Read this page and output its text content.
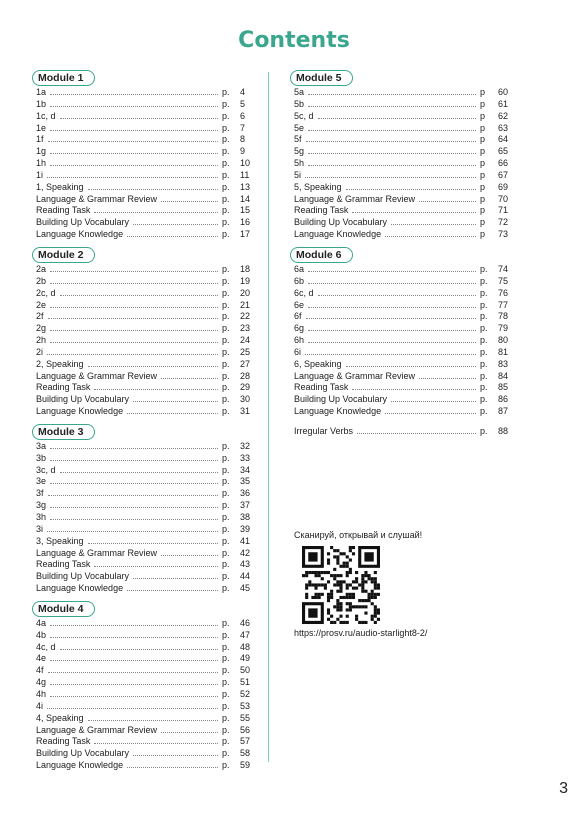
Contents
Module 1
1a	p.	4
1b	p.	5
1c, d	p.	6
1e	p.	7
1f	p.	8
1g	p.	9
1h	p.	10
1i	p.	11
1, Speaking	p.	13
Language & Grammar Review	p.	14
Reading Task	p.	15
Building Up Vocabulary	p.	16
Language Knowledge	p.	17
Module 2
2a	p.	18
2b	p.	19
2c, d	p.	20
2e	p.	21
2f	p.	22
2g	p.	23
2h	p.	24
2i	p.	25
2, Speaking	p.	27
Language & Grammar Review	p.	28
Reading Task	p.	29
Building Up Vocabulary	p.	30
Language Knowledge	p.	31
Module 3
3a	p.	32
3b	p.	33
3c, d	p.	34
3e	p.	35
3f	p.	36
3g	p.	37
3h	p.	38
3i	p.	39
3, Speaking	p.	41
Language & Grammar Review	p.	42
Reading Task	p.	43
Building Up Vocabulary	p.	44
Language Knowledge	p.	45
Module 4
4a	p.	46
4b	p.	47
4c, d	p.	48
4e	p.	49
4f	p.	50
4g	p.	51
4h	p.	52
4i	p.	53
4, Speaking	p.	55
Language & Grammar Review	p.	56
Reading Task	p.	57
Building Up Vocabulary	p.	58
Language Knowledge	p.	59
Module 5
5a	p	60
5b	p	61
5c, d	p	62
5e	p	63
5f	p	64
5g	p	65
5h	p	66
5i	p	67
5, Speaking	p	69
Language & Grammar Review	p	70
Reading Task	p	71
Building Up Vocabulary	p	72
Language Knowledge	p	73
Module 6
6a	p.	74
6b	p.	75
6c, d	p.	76
6e	p.	77
6f	p.	78
6g	p.	79
6h	p.	80
6i	p.	81
6, Speaking	p.	83
Language & Grammar Review	p.	84
Reading Task	p.	85
Building Up Vocabulary	p.	86
Language Knowledge	p.	87
Irregular Verbs	p.	88
Сканируй, открывай и слушай!
https://prosv.ru/audio-starlight8-2/
3
